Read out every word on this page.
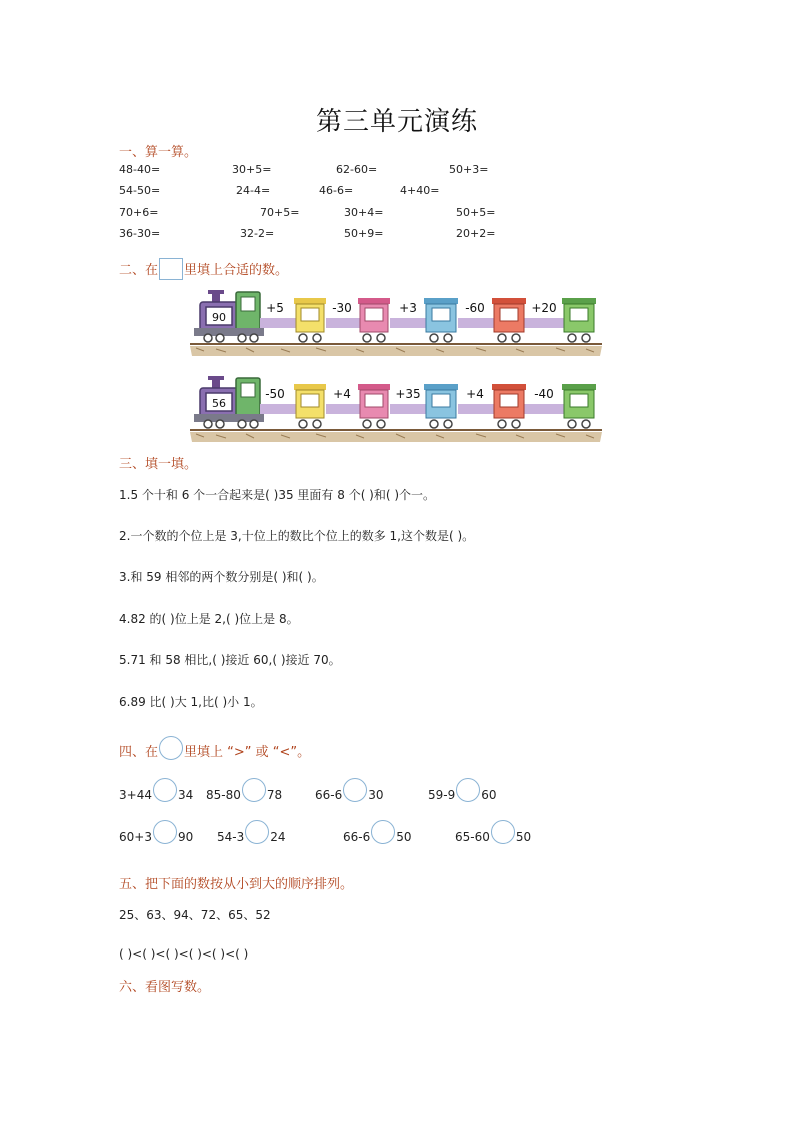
第三单元演练
一、算一算。
48-40=	30+5=	62-60=	50+3=
54-50=	24-4=	46-6=	4+40=
70+6=	70+5=	30+4=	50+5=
36-30=	32-2=	50+9=	20+2=
二、在 里填上合适的数。
90
+5	-30	+3	-60	+20
56
-50	+4	+35	+4	-40
三、填一填。
1.5 个十和 6 个一合起来是( )35 里面有 8 个( )和( )个一。
2.一个数的个位上是 3,十位上的数比个位上的数多 1,这个数是( )。
3.和 59 相邻的两个数分别是( )和( )。
4.82 的( )位上是 2,( )位上是 8。
5.71 和 58 相比,( )接近 60,( )接近 70。
6.89 比( )大 1,比( )小 1。
四、在 里填上 “>” 或 “<”。
3+44 34 85-80 78	66-6 30	59-9 60
60+3 90 54-3 24	66-6 50	65-60 50
五、把下面的数按从小到大的顺序排列。
25、63、94、72、65、52
( )<( )<( )<( )<( )<( )
六、看图写数。
